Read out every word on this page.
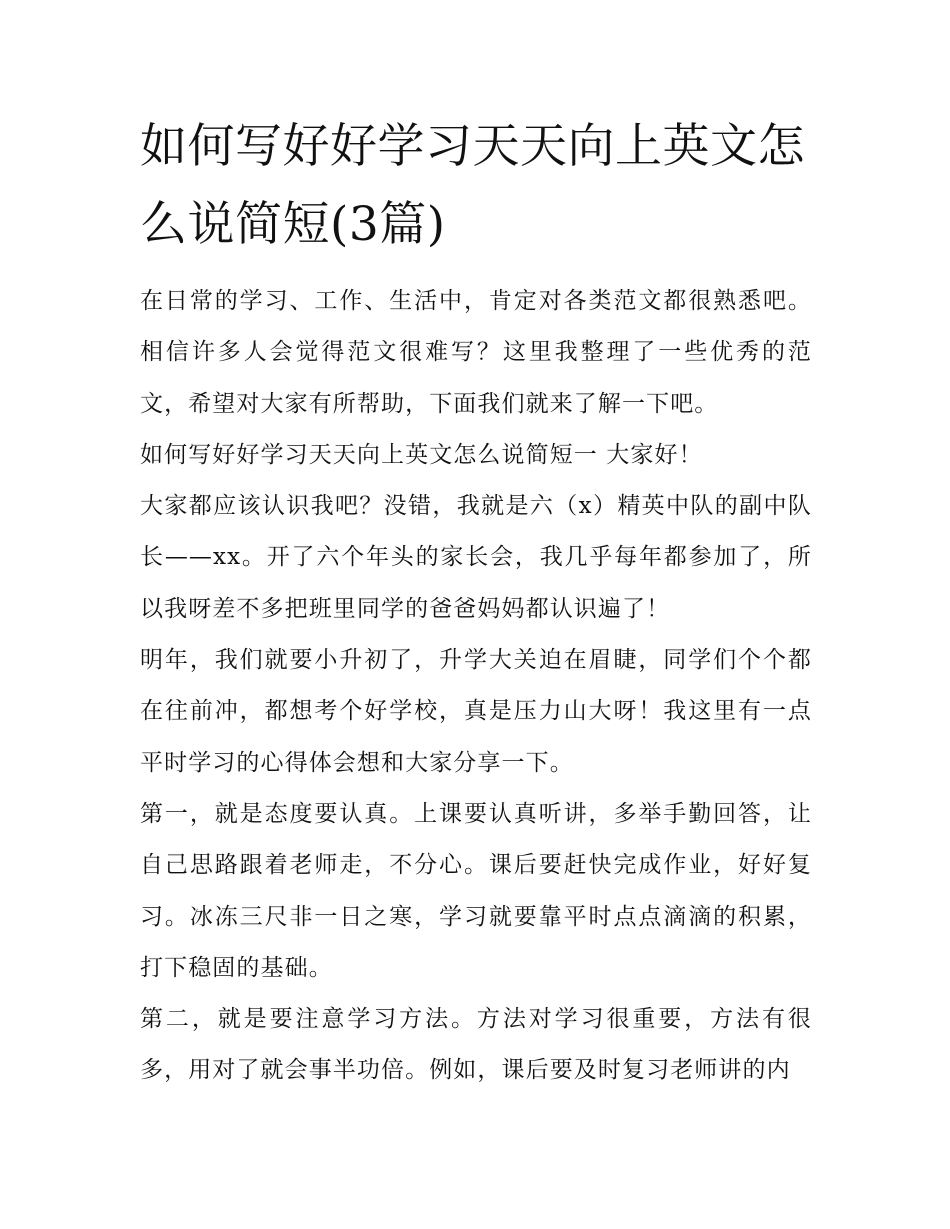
如何写好好学习天天向上英文怎么说简短(3篇)

在日常的学习、工作、生活中，肯定对各类范文都很熟悉吧。相信许多人会觉得范文很难写？这里我整理了一些优秀的范文，希望对大家有所帮助，下面我们就来了解一下吧。

如何写好好学习天天向上英文怎么说简短一 大家好！

大家都应该认识我吧？没错，我就是六（x）精英中队的副中队长——xx。开了六个年头的家长会，我几乎每年都参加了，所以我呀差不多把班里同学的爸爸妈妈都认识遍了！

明年，我们就要小升初了，升学大关迫在眉睫，同学们个个都在往前冲，都想考个好学校，真是压力山大呀！我这里有一点平时学习的心得体会想和大家分享一下。

第一，就是态度要认真。上课要认真听讲，多举手勤回答，让自己思路跟着老师走，不分心。课后要赶快完成作业，好好复习。冰冻三尺非一日之寒，学习就要靠平时点点滴滴的积累，打下稳固的基础。

第二，就是要注意学习方法。方法对学习很重要，方法有很多，用对了就会事半功倍。例如，课后要及时复习老师讲的内
